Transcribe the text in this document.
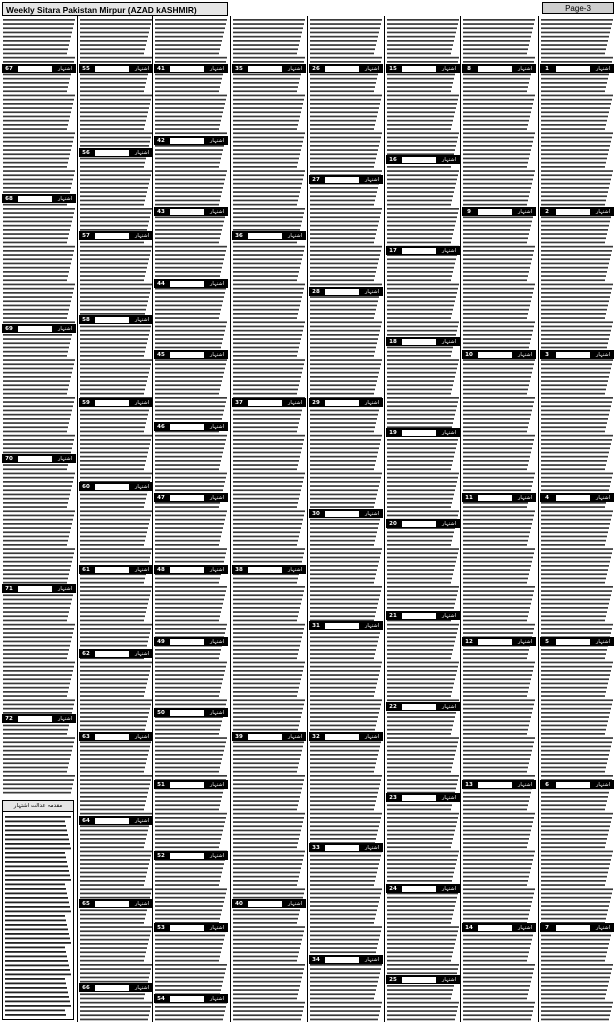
Weekly Sitara Pakistan Mirpur (AZAD kASHMIR)	Page-3
67	اشتہار
68	اشتہار
69	اشتہار
70	اشتہار
71	اشتہار
72	اشتہار
55	اشتہار
56	اشتہار
57	اشتہار
58	اشتہار
59	اشتہار
60	اشتہار
61	اشتہار
62	اشتہار
63	اشتہار
64	اشتہار
65	اشتہار
66	اشتہار
41	اشتہار
42	اشتہار
43	اشتہار
44	اشتہار
45	اشتہار
46	اشتہار
47	اشتہار
48	اشتہار
49	اشتہار
50	اشتہار
51	اشتہار
52	اشتہار
53	اشتہار
54	اشتہار
35	اشتہار
36	اشتہار
37	اشتہار
38	اشتہار
39	اشتہار
40	اشتہار
26	اشتہار
27	اشتہار
28	اشتہار
29	اشتہار
30	اشتہار
31	اشتہار
32	اشتہار
33	اشتہار
34	اشتہار
15	اشتہار
16	اشتہار
17	اشتہار
18	اشتہار
19	اشتہار
20	اشتہار
21	اشتہار
22	اشتہار
23	اشتہار
24	اشتہار
25	اشتہار
8	اشتہار
9	اشتہار
10	اشتہار
11	اشتہار
12	اشتہار
13	اشتہار
14	اشتہار
1	اشتہار
2	اشتہار
3	اشتہار
4	اشتہار
5	اشتہار
6	اشتہار
7	اشتہار
مقدمہ عدالت اشتہار
